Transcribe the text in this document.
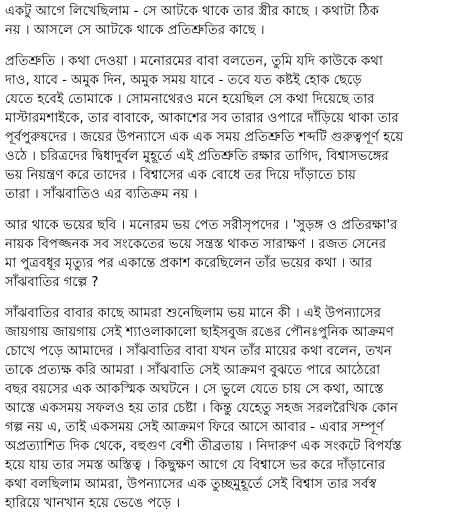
একটু আগে লিখেছিলাম - সে আটকে থাকে তার স্ত্রীর কাছে । কথাটা ঠিক
নয় । আসলে সে আটকে থাকে প্রতিশ্রুতির কাছে ।
প্রতিশ্রুতি । কথা দেওয়া । মনোরমের বাবা বলতেন, তুমি যদি কাউকে কথা
দাও, যাবে - অমুক দিন, অমুক সময় যাবে - তবে যত কষ্টই হোক ছেড়ে
যেতে হবেই তোমাকে । সোমনাথেরও মনে হয়েছিল সে কথা দিয়েছে তার
মাস্টারমশাইকে, তার বাবাকে, আকাশের সব তারার ওপারে দাঁড়িয়ে থাকা তার
পূর্বপুরুষদের । জয়ের উপন্যাসে এক এক সময় প্রতিশ্রুতি শব্দটি গুরুত্বপূর্ণ হয়ে
ওঠে । চরিত্রদের দ্বিধাদুর্বল মুহূর্তে এই প্রতিশ্রুতি রক্ষার তাগিদ, বিশ্বাসভঙ্গের
ভয় নিয়ন্ত্রণ করে তাদের । বিশ্বাসের এক বোধে তর দিয়ে দাঁড়াতে চায়
তারা । সাঁঝবাতিও এর ব্যতিক্রম নয় ।
আর থাকে ভয়ের ছবি । মনোরম ভয় পেত সরীসৃপদের । 'সুড়ঙ্গ ও প্রতিরক্ষা'র
নায়ক বিপজ্জনক সব সংকেতের ভয়ে সন্ত্রস্ত থাকত সারাক্ষণ । রজত সেনের
মা পুত্রবধূর মৃত্যুর পর একান্তে প্রকাশ করেছিলেন তাঁর ভয়ের কথা । আর
সাঁঝবাতির গল্পে ?
সাঁঝবাতির বাবার কাছে আমরা শুনেছিলাম ভয় মানে কী । এই উপন্যাসের
জায়গায় জায়গায় সেই শ্যাওলাকালো ছাইসবুজ রঙের পৌনঃপুনিক আক্রমণ
চোখে পড়ে আমাদের । সাঁঝবাতির বাবা যখন তাঁর মায়ের কথা বলেন, তখন
তাকে প্রত্যক্ষ করি আমরা । সাঁঝবাতি সেই আক্রমণ বুঝতে পারে আঠেরো
বছর বয়সের এক আকস্মিক অঘটনে । সে ভুলে যেতে চায় সে কথা, আস্তে
আস্তে একসময় সফলও হয় তার চেষ্টা । কিন্তু যেহেতু সহজ সরলরৈখিক কোন
গল্প নয় এ, তাই একসময় সেই আক্রমণ ফিরে আসে আবার - এবার সম্পূর্ণ
অপ্রত্যাশিত দিক থেকে, বহুগুণ বেশী তীব্রতায় । নিদারুণ এক সংকটে বিপর্যস্ত
হয়ে যায় তার সমস্ত অস্তিত্ব । কিছুক্ষণ আগে যে বিশ্বাসে ভর করে দাঁড়ানোর
কথা বলছিলাম আমরা, উপন্যাসের এক তুচ্ছমুহূর্তে সেই বিশ্বাস তার সর্বস্ব
হারিয়ে খানখান হয়ে ভেঙে পড়ে ।
